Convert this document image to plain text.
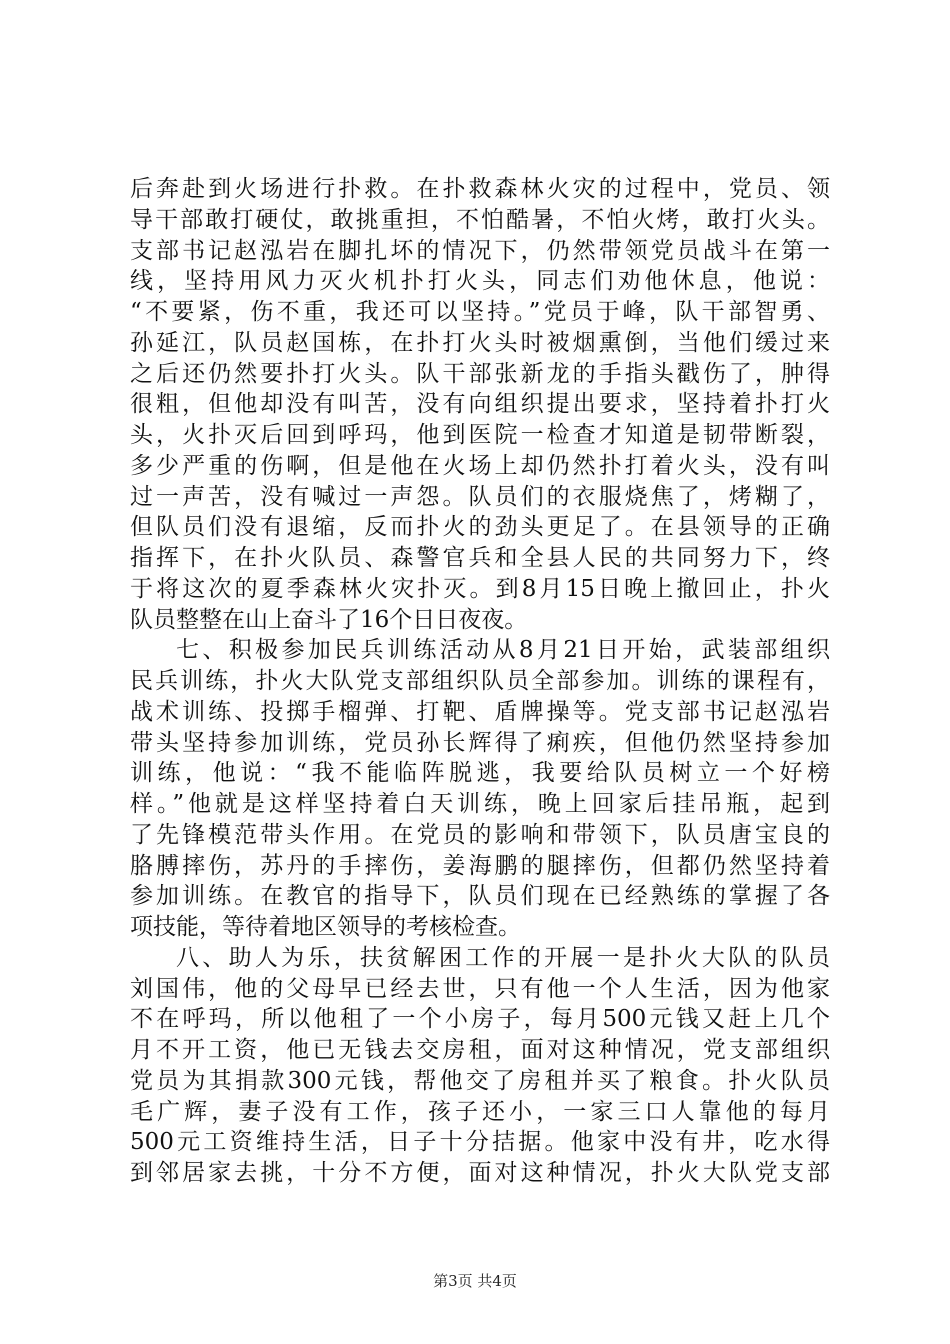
后奔赴到火场进行扑救。在扑救森林火灾的过程中，党员、领
导干部敢打硬仗，敢挑重担，不怕酷暑，不怕火烤，敢打火头。
支部书记赵泓岩在脚扎坏的情况下，仍然带领党员战斗在第一
线，坚持用风力灭火机扑打火头，同志们劝他休息，他说：
“不要紧，伤不重，我还可以坚持。”党员于峰，队干部智勇、
孙延江，队员赵国栋，在扑打火头时被烟熏倒，当他们缓过来
之后还仍然要扑打火头。队干部张新龙的手指头戳伤了，肿得
很粗，但他却没有叫苦，没有向组织提出要求，坚持着扑打火
头，火扑灭后回到呼玛，他到医院一检查才知道是韧带断裂，
多少严重的伤啊，但是他在火场上却仍然扑打着火头，没有叫
过一声苦，没有喊过一声怨。队员们的衣服烧焦了，烤糊了，
但队员们没有退缩，反而扑火的劲头更足了。在县领导的正确
指挥下，在扑火队员、森警官兵和全县人民的共同努力下，终
于将这次的夏季森林火灾扑灭。到8月15日晚上撤回止，扑火
队员整整在山上奋斗了16个日日夜夜。
七、积极参加民兵训练活动从8月21日开始，武装部组织
民兵训练，扑火大队党支部组织队员全部参加。训练的课程有，
战术训练、投掷手榴弹、打靶、盾牌操等。党支部书记赵泓岩
带头坚持参加训练，党员孙长辉得了痢疾，但他仍然坚持参加
训练，他说：“我不能临阵脱逃，我要给队员树立一个好榜
样。”他就是这样坚持着白天训练，晚上回家后挂吊瓶，起到
了先锋模范带头作用。在党员的影响和带领下，队员唐宝良的
胳膊摔伤，苏丹的手摔伤，姜海鹏的腿摔伤，但都仍然坚持着
参加训练。在教官的指导下，队员们现在已经熟练的掌握了各
项技能，等待着地区领导的考核检查。
八、助人为乐，扶贫解困工作的开展一是扑火大队的队员
刘国伟，他的父母早已经去世，只有他一个人生活，因为他家
不在呼玛，所以他租了一个小房子，每月500元钱又赶上几个
月不开工资，他已无钱去交房租，面对这种情况，党支部组织
党员为其捐款300元钱，帮他交了房租并买了粮食。扑火队员
毛广辉，妻子没有工作，孩子还小，一家三口人靠他的每月
500元工资维持生活，日子十分拮据。他家中没有井，吃水得
到邻居家去挑，十分不方便，面对这种情况，扑火大队党支部
第3页 共4页
